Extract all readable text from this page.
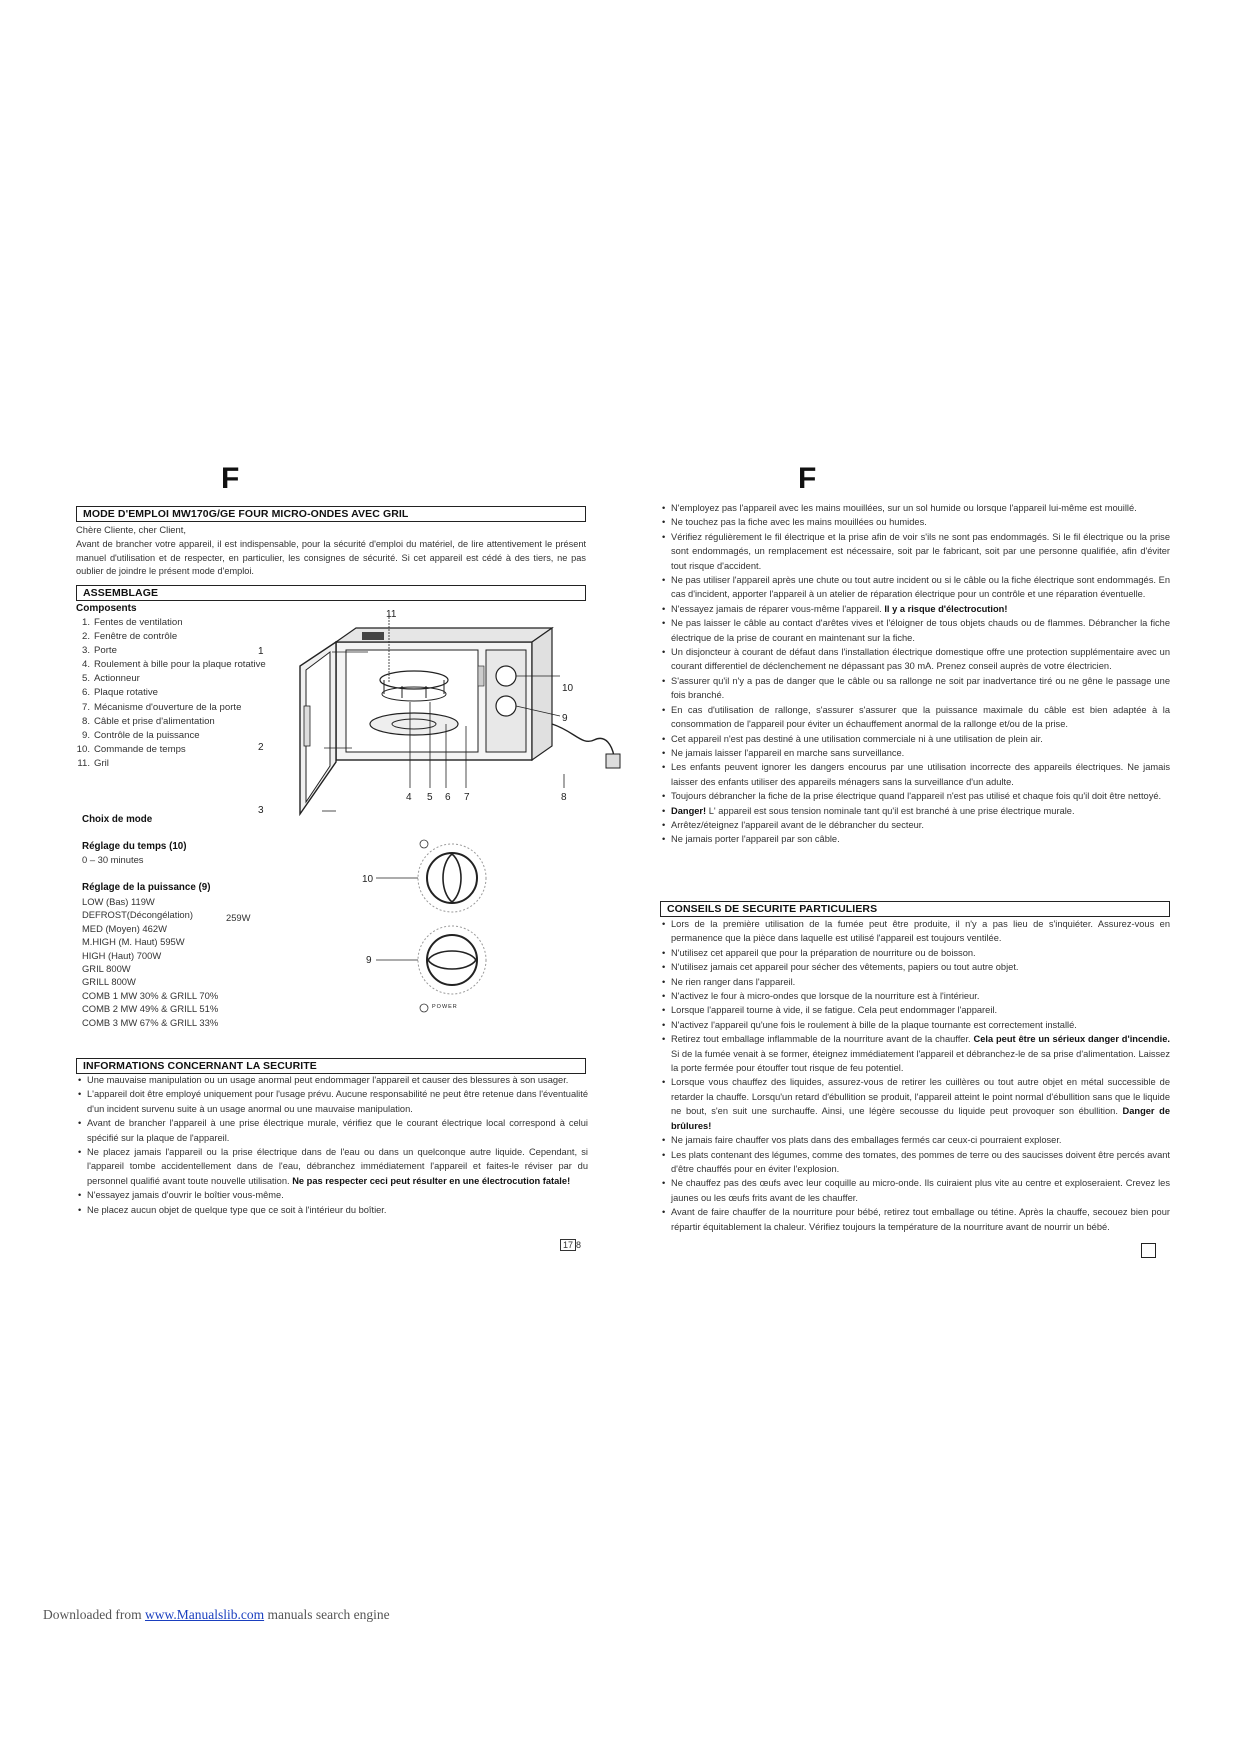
F
MODE D'EMPLOI MW170G/GE FOUR MICRO-ONDES AVEC GRIL
Chère Cliente, cher Client,
Avant de brancher votre appareil, il est indispensable, pour la sécurité d'emploi du matériel, de lire attentivement le présent manuel d'utilisation et de respecter, en particulier, les consignes de sécurité. Si cet appareil est cédé à des tiers, ne pas oublier de joindre le présent mode d'emploi.
ASSEMBLAGE
Composents
1. Fentes de ventilation
2. Fenêtre de contrôle
3. Porte
4. Roulement à bille pour la plaque rotative
5. Actionneur
6. Plaque rotative
7. Mécanisme d'ouverture de la porte
8. Câble et prise d'alimentation
9. Contrôle de la puissance
10. Commande de temps
11. Gril
11
1
2
3
4 5 6 7	8
9
10
Choix de mode
Réglage du temps (10)
0 – 30 minutes
Réglage de la puissance (9)
LOW (Bas) 119W
DEFROST(Décongélation)
MED (Moyen) 462W
M.HIGH (M. Haut) 595W
HIGH (Haut) 700W
GRIL 800W
GRILL 800W
COMB 1 MW 30% & GRILL 70%
COMB 2 MW 49% & GRILL 51%
COMB 3 MW 67% & GRILL 33%
259W
10
9
POWER
INFORMATIONS CONCERNANT LA SECURITE
• Une mauvaise manipulation ou un usage anormal peut endommager l'appareil et causer des blessures à son usager.
• L'appareil doit être employé uniquement pour l'usage prévu. Aucune responsabilité ne peut être retenue dans l'éventualité d'un incident survenu suite à un usage anormal ou une mauvaise manipulation.
• Avant de brancher l'appareil à une prise électrique murale, vérifiez que le courant électrique local correspond à celui spécifié sur la plaque de l'appareil.
• Ne placez jamais l'appareil ou la prise électrique dans de l'eau ou dans un quelconque autre liquide. Cependant, si l'appareil tombe accidentellement dans de l'eau, débranchez immédiatement l'appareil et faites-le réviser par du personnel qualifié avant toute nouvelle utilisation. Ne pas respecter ceci peut résulter en une électrocution fatale!
• N'essayez jamais d'ouvrir le boîtier vous-même.
• Ne placez aucun objet de quelque type que ce soit à l'intérieur du boîtier.
17 8
F
• N'employez pas l'appareil avec les mains mouillées, sur un sol humide ou lorsque l'appareil lui-même est mouillé.
• Ne touchez pas la fiche avec les mains mouillées ou humides.
• Vérifiez régulièrement le fil électrique et la prise afin de voir s'ils ne sont pas endommagés. Si le fil électrique ou la prise sont endommagés, un remplacement est nécessaire, soit par le fabricant, soit par une personne qualifiée, afin d'éviter tout risque d'accident.
• Ne pas utiliser l'appareil après une chute ou tout autre incident ou si le câble ou la fiche électrique sont endommagés. En cas d'incident, apporter l'appareil à un atelier de réparation électrique pour un contrôle et une réparation éventuelle.
• N'essayez jamais de réparer vous-même l'appareil. Il y a risque d'électrocution!
• Ne pas laisser le câble au contact d'arêtes vives et l'éloigner de tous objets chauds ou de flammes. Débrancher la fiche électrique de la prise de courant en maintenant sur la fiche.
• Un disjoncteur à courant de défaut dans l'installation électrique domestique offre une protection supplémentaire avec un courant differentiel de déclenchement ne dépassant pas 30 mA. Prenez conseil auprès de votre électricien.
• S'assurer qu'il n'y a pas de danger que le câble ou sa rallonge ne soit par inadvertance tiré ou ne gêne le passage une fois branché.
• En cas d'utilisation de rallonge, s'assurer s'assurer que la puissance maximale du câble est bien adaptée à la consommation de l'appareil pour éviter un échauffement anormal de la rallonge et/ou de la prise.
• Cet appareil n'est pas destiné à une utilisation commerciale ni à une utilisation de plein air.
• Ne jamais laisser l'appareil en marche sans surveillance.
• Les enfants peuvent ignorer les dangers encourus par une utilisation incorrecte des appareils électriques. Ne jamais laisser des enfants utiliser des appareils ménagers sans la surveillance d'un adulte.
• Toujours débrancher la fiche de la prise électrique quand l'appareil n'est pas utilisé et chaque fois qu'il doit être nettoyé.
• Danger! L' appareil est sous tension nominale tant qu'il est branché à une prise électrique murale.
• Arrêtez/éteignez l'appareil avant de le débrancher du secteur.
• Ne jamais porter l'appareil par son câble.
CONSEILS DE SECURITE PARTICULIERS
• Lors de la première utilisation de la fumée peut être produite, il n'y a pas lieu de s'inquiéter. Assurez-vous en permanence que la pièce dans laquelle est utilisé l'appareil est toujours ventilée.
• N'utilisez cet appareil que pour la préparation de nourriture ou de boisson.
• N'utilisez jamais cet appareil pour sécher des vêtements, papiers ou tout autre objet.
• Ne rien ranger dans l'appareil.
• N'activez le four à micro-ondes que lorsque de la nourriture est à l'intérieur.
• Lorsque l'appareil tourne à vide, il se fatigue. Cela peut endommager l'appareil.
• N'activez l'appareil qu'une fois le roulement à bille de la plaque tournante est correctement installé.
• Retirez tout emballage inflammable de la nourriture avant de la chauffer. Cela peut être un sérieux danger d'incendie. Si de la fumée venait à se former, éteignez immédiatement l'appareil et débranchez-le de sa prise d'alimentation. Laissez la porte fermée pour étouffer tout risque de feu potentiel.
• Lorsque vous chauffez des liquides, assurez-vous de retirer les cuillères ou tout autre objet en métal successible de retarder la chauffe. Lorsqu'un retard d'ébullition se produit, l'appareil atteint le point normal d'ébullition sans que le liquide ne bout, s'en suit une surchauffe. Ainsi, une légère secousse du liquide peut provoquer son ébullition. Danger de brûlures!
• Ne jamais faire chauffer vos plats dans des emballages fermés car ceux-ci pourraient exploser.
• Les plats contenant des légumes, comme des tomates, des pommes de terre ou des saucisses doivent être percés avant d'être chauffés pour en éviter l'explosion.
• Ne chauffez pas des œufs avec leur coquille au micro-onde. Ils cuiraient plus vite au centre et exploseraient. Crevez les jaunes ou les œufs frits avant de les chauffer.
• Avant de faire chauffer de la nourriture pour bébé, retirez tout emballage ou tétine. Après la chauffe, secouez bien pour répartir équitablement la chaleur. Vérifiez toujours la température de la nourriture avant de nourrir un bébé.
Downloaded from www.Manualslib.com manuals search engine
